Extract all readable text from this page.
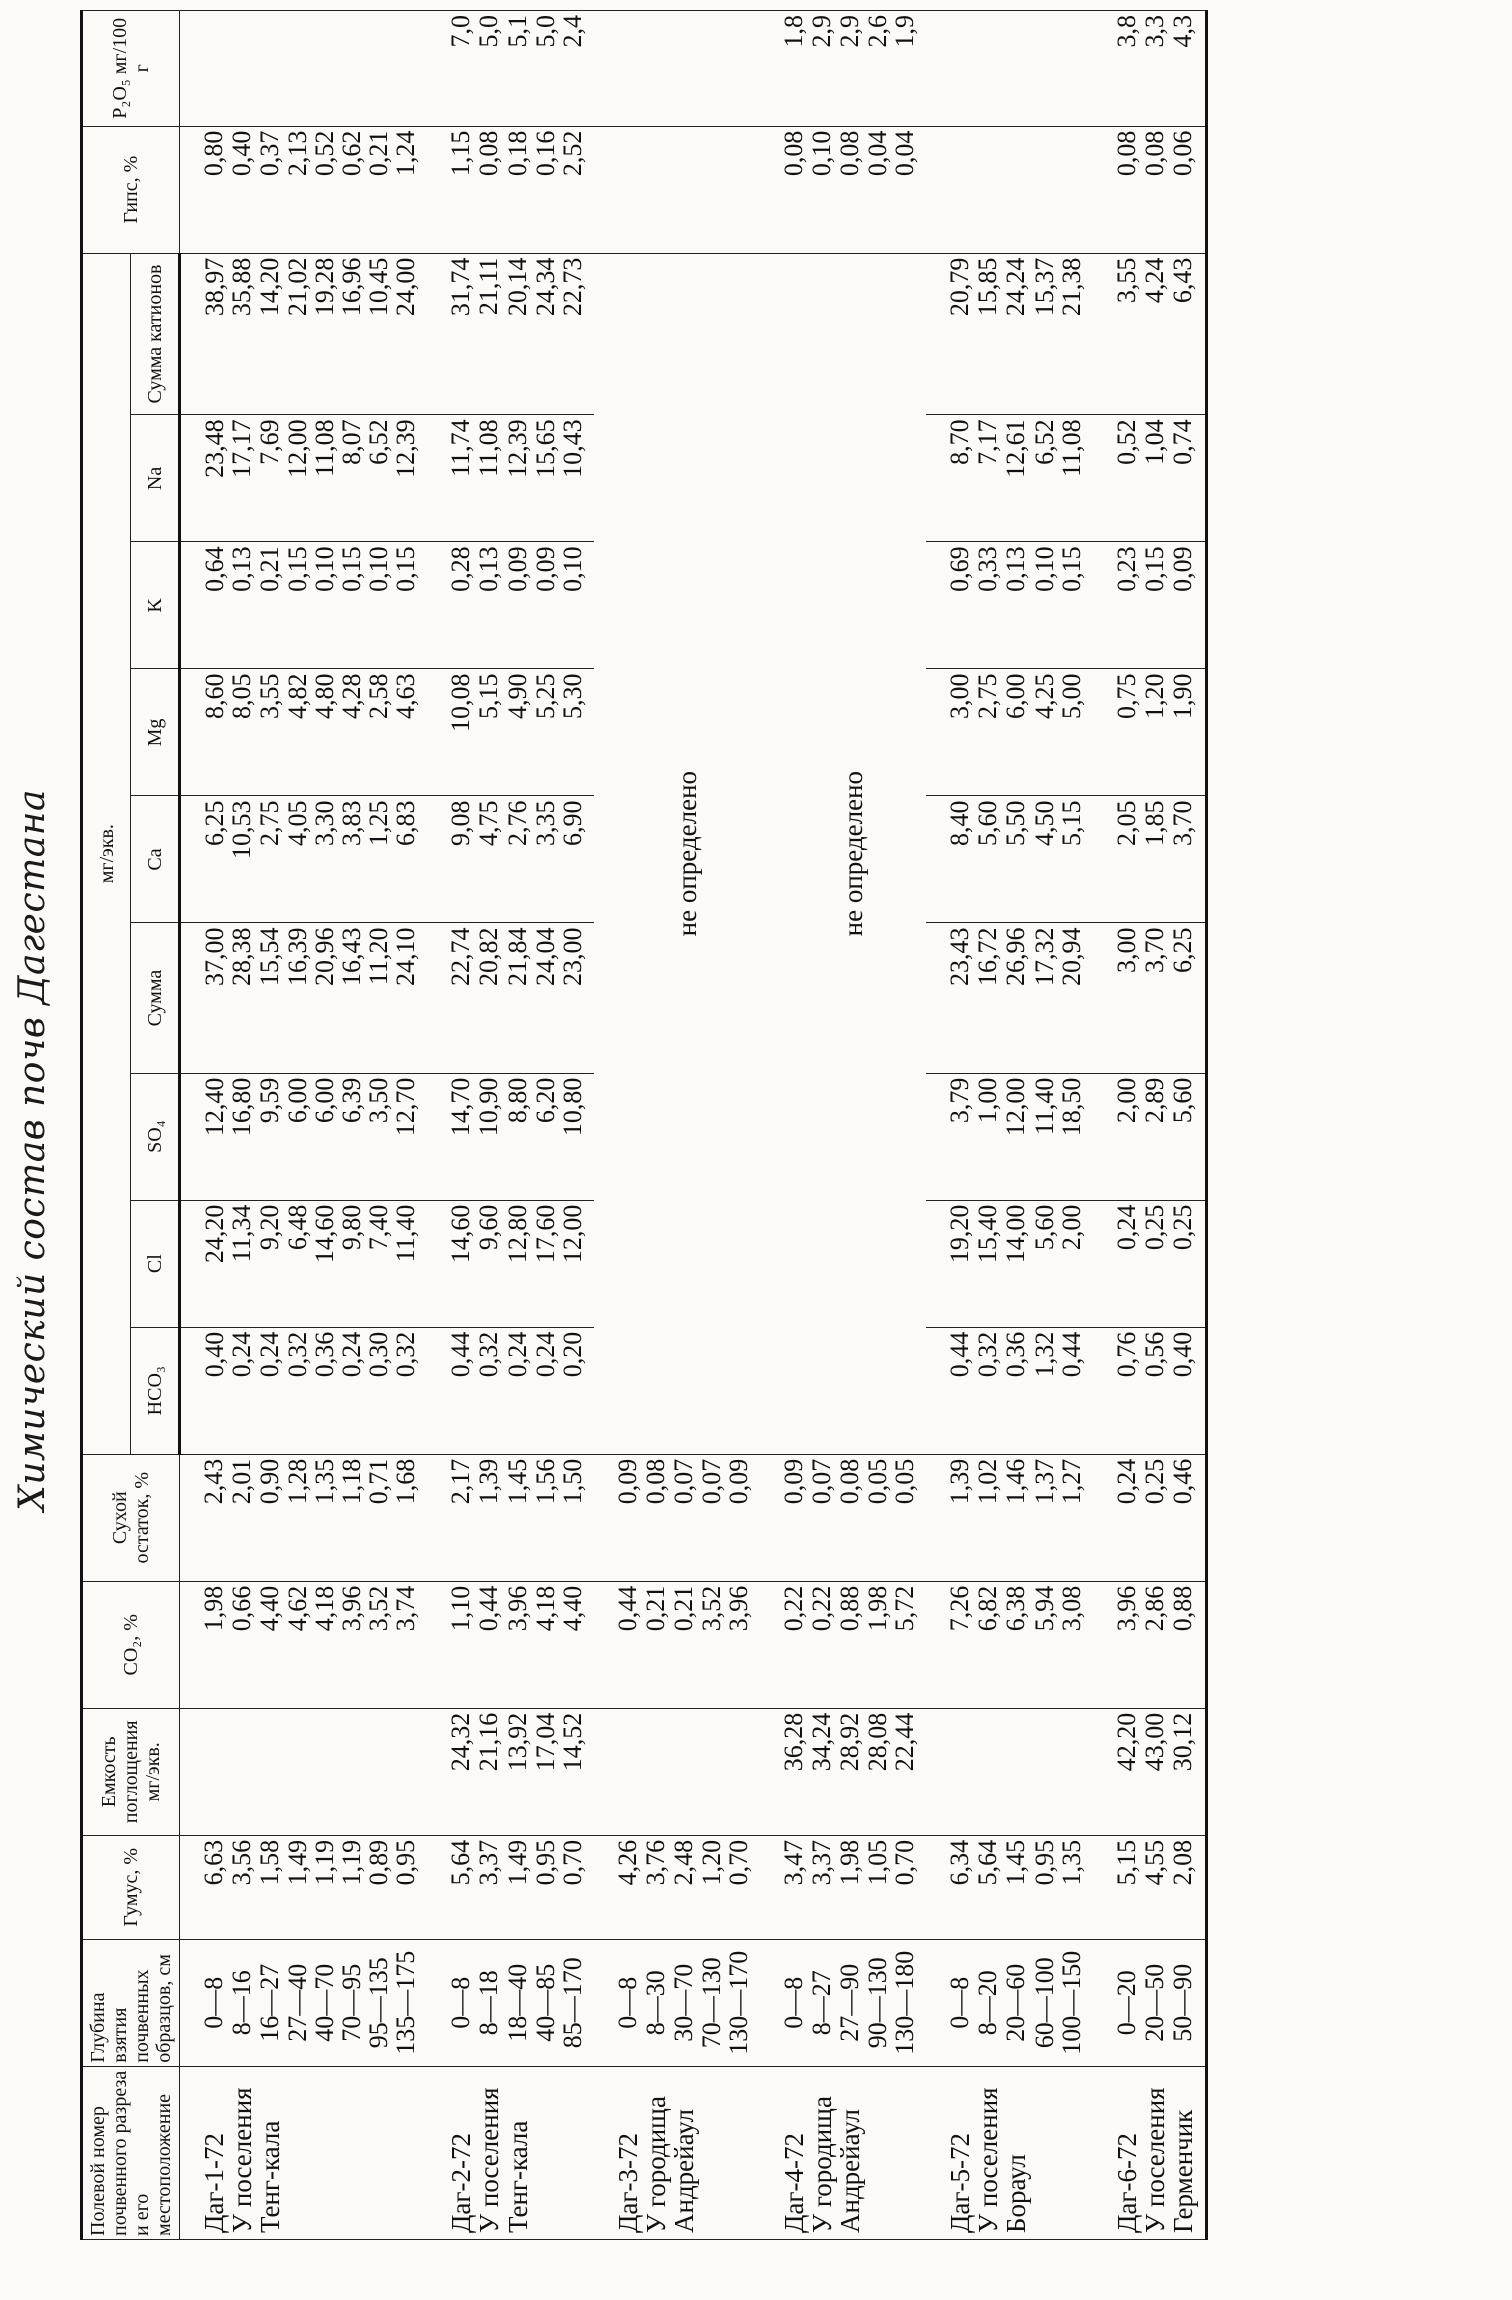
Химический состав почв Дагестана
Полевой номер почвенного разреза и его местоположение	Глубина взятия почвенных образцов, см	Гумус, %	Емкость поглощения мг/экв.	CO₂, %	Сухой остаток, %	мг/экв.									Гипс, %	P₂O₅ мг/100 г
						HCO₃	Cl	SO₄	Сумма	Ca	Mg	K	Na	Сумма катионов		
Даг-1-72	0—8	6,63		1,98	2,43	0,40	24,20	12,40	37,00	6,25	8,60	0,64	23,48	38,97	0,80	
У поселения	8—16	3,56		0,66	2,01	0,24	11,34	16,80	28,38	10,53	8,05	0,13	17,17	35,88	0,40	
Тенг-кала	16—27	1,58		4,40	0,90	0,24	9,20	9,59	15,54	2,75	3,55	0,21	7,69	14,20	0,37	
	27—40	1,49		4,62	1,28	0,32	6,48	6,00	16,39	4,05	4,82	0,15	12,00	21,02	2,13	
	40—70	1,19		4,18	1,35	0,36	14,60	6,00	20,96	3,30	4,80	0,10	11,08	19,28	0,52	
	70—95	1,19		3,96	1,18	0,24	9,80	6,39	16,43	3,83	4,28	0,15	8,07	16,96	0,62	
	95—135	0,89		3,52	0,71	0,30	7,40	3,50	11,20	1,25	2,58	0,10	6,52	10,45	0,21	
	135—175	0,95		3,74	1,68	0,32	11,40	12,70	24,10	6,83	4,63	0,15	12,39	24,00	1,24	
Даг-2-72	0—8	5,64	24,32	1,10	2,17	0,44	14,60	14,70	22,74	9,08	10,08	0,28	11,74	31,74	1,15	7,0
У поселения	8—18	3,37	21,16	0,44	1,39	0,32	9,60	10,90	20,82	4,75	5,15	0,13	11,08	21,11	0,08	5,0
Тенг-кала	18—40	1,49	13,92	3,96	1,45	0,24	12,80	8,80	21,84	2,76	4,90	0,09	12,39	20,14	0,18	5,1
	40—85	0,95	17,04	4,18	1,56	0,24	17,60	6,20	24,04	3,35	5,25	0,09	15,65	24,34	0,16	5,0
	85—170	0,70	14,52	4,40	1,50	0,20	12,00	10,80	23,00	6,90	5,30	0,10	10,43	22,73	2,52	2,4
Даг-3-72	0—8	4,26		0,44	0,09	не определено										
У городища	8—30	3,76		0,21	0,08											
Андрейаул	30—70	2,48		0,21	0,07											
	70—130	1,20		3,52	0,07											
	130—170	0,70		3,96	0,09											
Даг-4-72	0—8	3,47	36,28	0,22	0,09	не определено									0,08	1,8
У городища	8—27	3,37	34,24	0,22	0,07										0,10	2,9
Андрейаул	27—90	1,98	28,92	0,88	0,08										0,08	2,9
	90—130	1,05	28,08	1,98	0,05										0,04	2,6
	130—180	0,70	22,44	5,72	0,05										0,04	1,9
Даг-5-72	0—8	6,34		7,26	1,39	0,44	19,20	3,79	23,43	8,40	3,00	0,69	8,70	20,79		
У поселения	8—20	5,64		6,82	1,02	0,32	15,40	1,00	16,72	5,60	2,75	0,33	7,17	15,85		
Бораул	20—60	1,45		6,38	1,46	0,36	14,00	12,00	26,96	5,50	6,00	0,13	12,61	24,24		
	60—100	0,95		5,94	1,37	1,32	5,60	11,40	17,32	4,50	4,25	0,10	6,52	15,37		
	100—150	1,35		3,08	1,27	0,44	2,00	18,50	20,94	5,15	5,00	0,15	11,08	21,38		
Даг-6-72	0—20	5,15	42,20	3,96	0,24	0,76	0,24	2,00	3,00	2,05	0,75	0,23	0,52	3,55	0,08	3,8
У поселения	20—50	4,55	43,00	2,86	0,25	0,56	0,25	2,89	3,70	1,85	1,20	0,15	1,04	4,24	0,08	3,3
Герменчик	50—90	2,08	30,12	0,88	0,46	0,40	0,25	5,60	6,25	3,70	1,90	0,09	0,74	6,43	0,06	4,3
